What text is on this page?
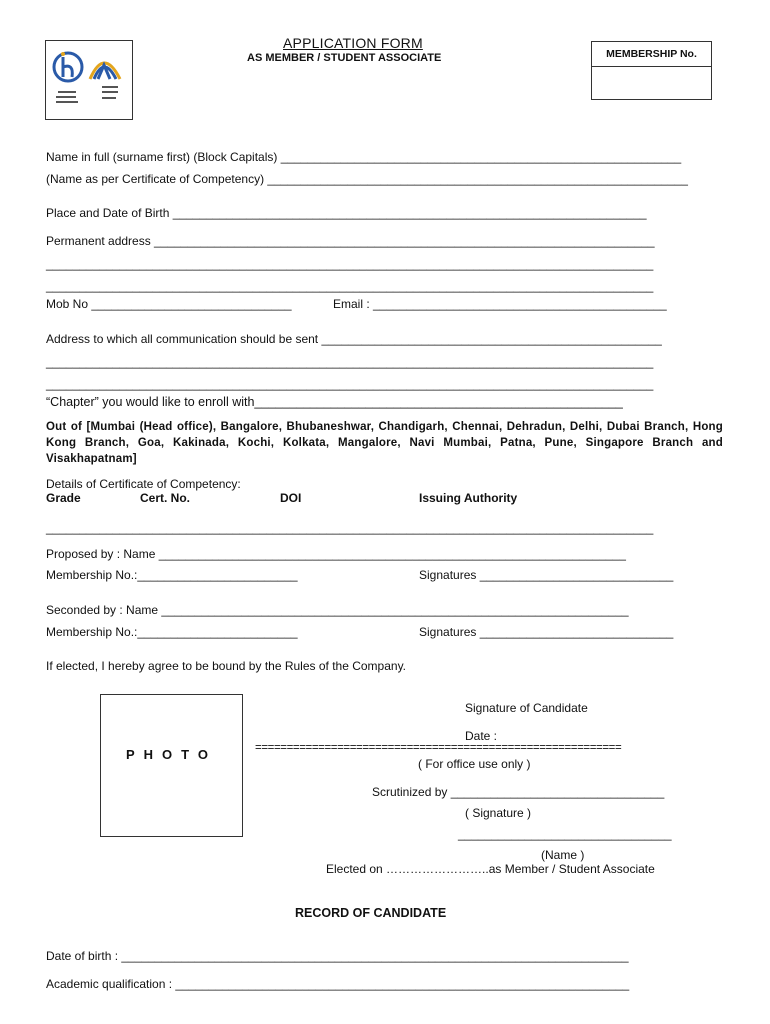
APPLICATION FORM
AS MEMBER / STUDENT ASSOCIATE	MEMBERSHIP No.
Name in full (surname first) (Block Capitals) ____________________________________________________________
(Name as per Certificate of Competency) _______________________________________________________________
Place and Date of Birth _______________________________________________________________________
Permanent address ___________________________________________________________________________
___________________________________________________________________________________________
___________________________________________________________________________________________
Mob No ______________________________	Email : ____________________________________________
Address to which all communication should be sent ___________________________________________________
___________________________________________________________________________________________
___________________________________________________________________________________________
“Chapter” you would like to enroll with_____________________________________________________
Out of [Mumbai (Head office), Bangalore, Bhubaneshwar, Chandigarh, Chennai, Dehradun, Delhi, Dubai Branch, Hong Kong Branch, Goa, Kakinada, Kochi, Kolkata, Mangalore, Navi Mumbai, Patna, Pune, Singapore Branch and Visakhapatnam]
Details of Certificate of Competency:
Grade	Cert. No.	DOI	Issuing Authority
___________________________________________________________________________________________
Proposed by : Name ______________________________________________________________________
Membership No.:________________________	Signatures _____________________________
Seconded by : Name ______________________________________________________________________
Membership No.:________________________	Signatures _____________________________
If elected, I hereby agree to be bound by the Rules of the Company.
PHOTO
Signature of Candidate
Date :
==========================================================
( For office use only )
Scrutinized by ________________________________
( Signature )
________________________________
(Name )
Elected on ……………………..as Member / Student Associate
RECORD OF CANDIDATE
Date of birth : ____________________________________________________________________________
Academic qualification : ____________________________________________________________________
